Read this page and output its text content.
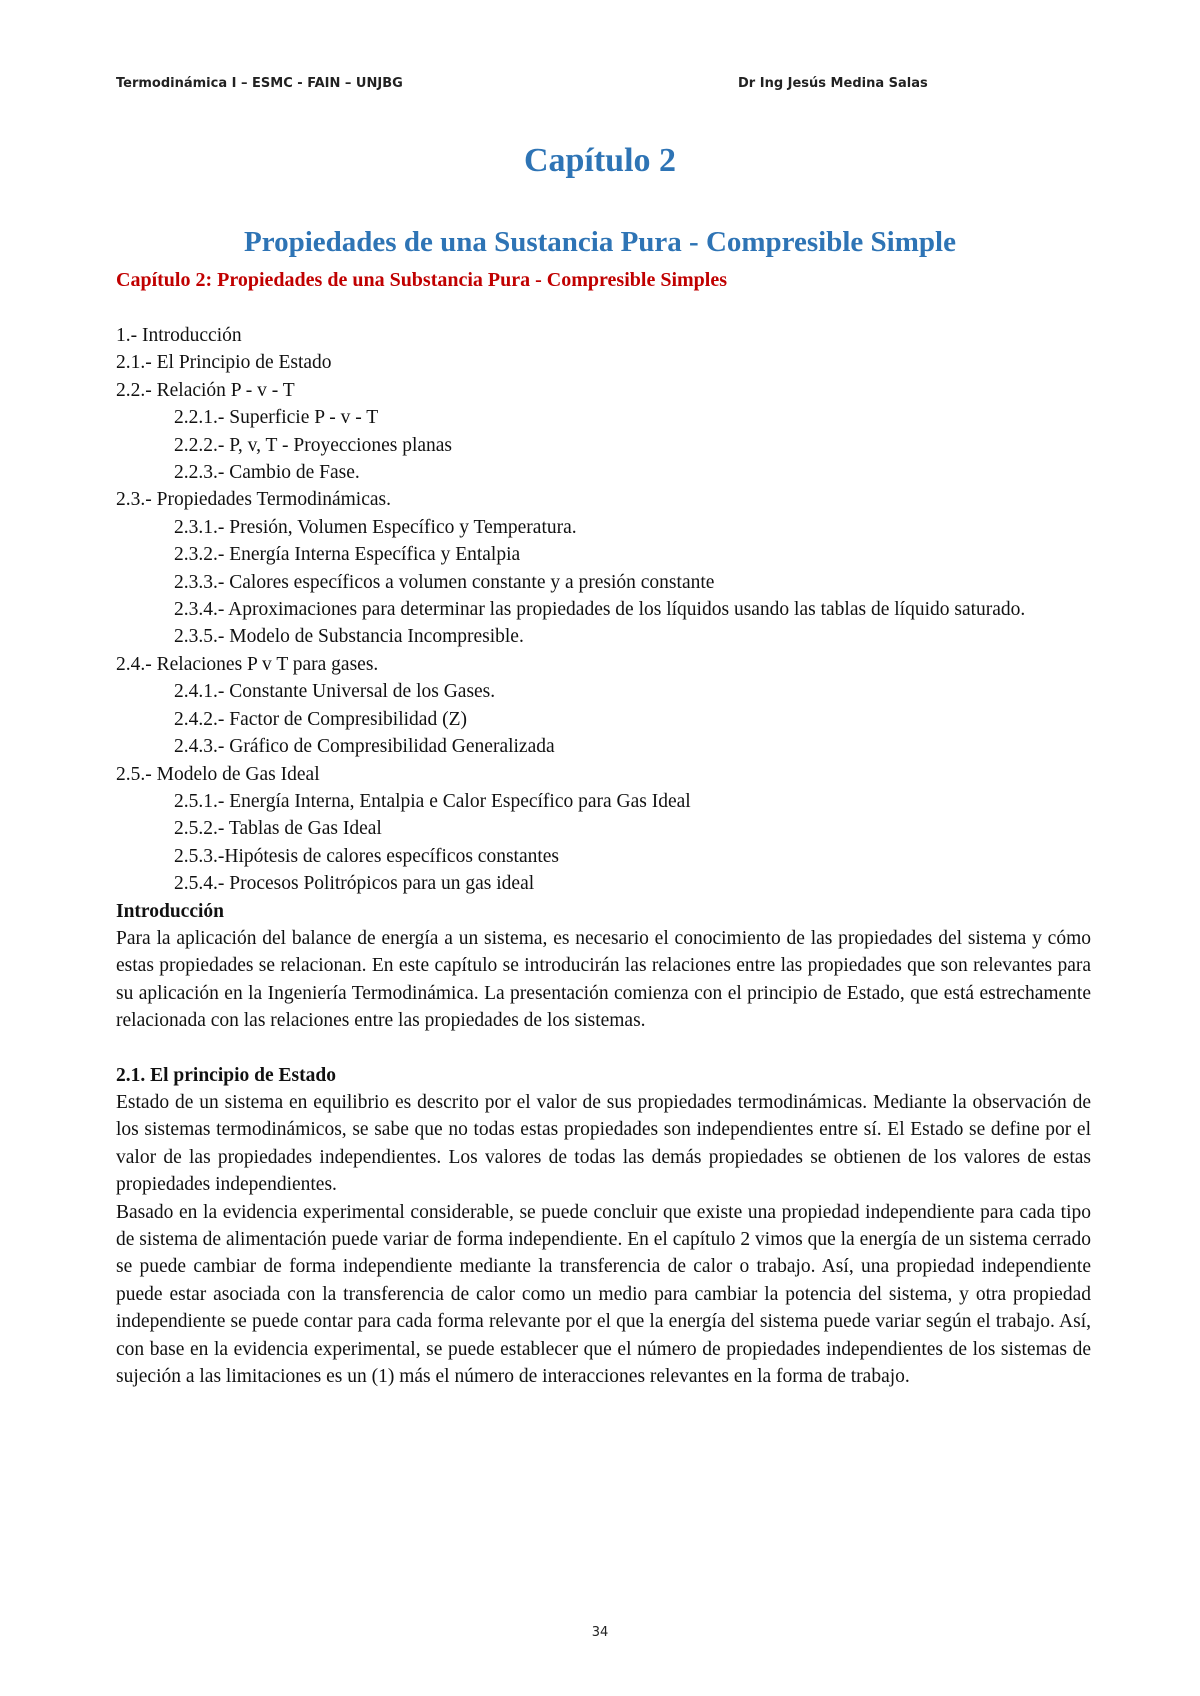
Termodinámica I – ESMC - FAIN – UNJBG	Dr Ing Jesús Medina Salas
Capítulo 2
Propiedades de una Sustancia Pura - Compresible Simple
Capítulo 2: Propiedades de una Substancia Pura - Compresible Simples
1.- Introducción
2.1.- El Principio de Estado
2.2.- Relación P - v - T
2.2.1.- Superficie P - v - T
2.2.2.- P, v, T - Proyecciones planas
2.2.3.- Cambio de Fase.
2.3.- Propiedades Termodinámicas.
2.3.1.- Presión, Volumen Específico y Temperatura.
2.3.2.- Energía Interna Específica y Entalpia
2.3.3.- Calores específicos a volumen constante y a presión constante
2.3.4.- Aproximaciones para determinar las propiedades de los líquidos usando las tablas de líquido saturado.
2.3.5.- Modelo de Substancia Incompresible.
2.4.- Relaciones P v T para gases.
2.4.1.- Constante Universal de los Gases.
2.4.2.- Factor de Compresibilidad (Z)
2.4.3.- Gráfico de Compresibilidad Generalizada
2.5.- Modelo de Gas Ideal
2.5.1.- Energía Interna, Entalpia e Calor Específico para Gas Ideal
2.5.2.- Tablas de Gas Ideal
2.5.3.-Hipótesis de calores específicos constantes
2.5.4.- Procesos Politrópicos para un gas ideal
Introducción

Para la aplicación del balance de energía a un sistema, es necesario el conocimiento de las propiedades del sistema y cómo estas propiedades se relacionan. En este capítulo se introducirán las relaciones entre las propiedades que son relevantes para su aplicación en la Ingeniería Termodinámica. La presentación comienza con el principio de Estado, que está estrechamente relacionada con las relaciones entre las propiedades de los sistemas.

2.1. El principio de Estado

Estado de un sistema en equilibrio es descrito por el valor de sus propiedades termodinámicas. Mediante la observación de los sistemas termodinámicos, se sabe que no todas estas propiedades son independientes entre sí. El Estado se define por el valor de las propiedades independientes. Los valores de todas las demás propiedades se obtienen de los valores de estas propiedades independientes.

Basado en la evidencia experimental considerable, se puede concluir que existe una propiedad independiente para cada tipo de sistema de alimentación puede variar de forma independiente. En el capítulo 2 vimos que la energía de un sistema cerrado se puede cambiar de forma independiente mediante la transferencia de calor o trabajo. Así, una propiedad independiente puede estar asociada con la transferencia de calor como un medio para cambiar la potencia del sistema, y otra propiedad independiente se puede contar para cada forma relevante por el que la energía del sistema puede variar según el trabajo. Así, con base en la evidencia experimental, se puede establecer que el número de propiedades independientes de los sistemas de sujeción a las limitaciones es un (1) más el número de interacciones relevantes en la forma de trabajo.

34
